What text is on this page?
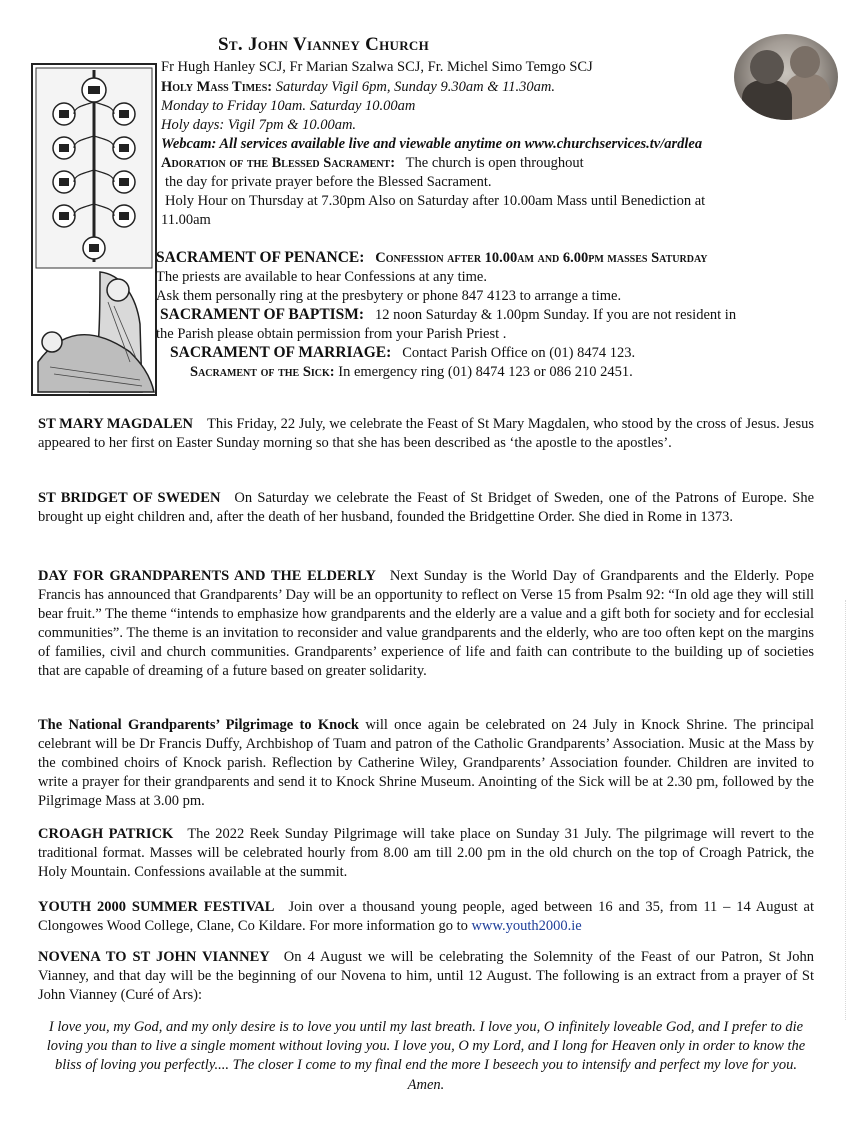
St. John Vianney Church
Fr Hugh Hanley SCJ, Fr Marian Szalwa SCJ, Fr. Michel Simo Temgo SCJ
Holy Mass Times: Saturday Vigil 6pm, Sunday 9.30am & 11.30am.
Monday to Friday 10am. Saturday 10.00am
Holy days: Vigil 7pm & 10.00am.
Webcam: All services available live and viewable anytime on www.churchservices.tv/ardlea
Adoration of the Blessed Sacrament: The church is open throughout
the day for private prayer before the Blessed Sacrament.
Holy Hour on Thursday at 7.30pm Also on Saturday after 10.00am Mass until Benediction at
11.00am
SACRAMENT OF PENANCE: Confession after 10.00am and 6.00pm masses Saturday
The priests are available to hear Confessions at any time.
Ask them personally ring at the presbytery or phone 847 4123 to arrange a time.
SACRAMENT OF BAPTISM: 12 noon Saturday & 1.00pm Sunday. If you are not resident in
the Parish please obtain permission from your Parish Priest .
SACRAMENT OF MARRIAGE: Contact Parish Office on (01) 8474 123.
Sacrament of the Sick: In emergency ring (01) 8474 123 or 086 210 2451.
ST MARY MAGDALEN This Friday, 22 July, we celebrate the Feast of St Mary Magdalen, who stood by the cross of Jesus. Jesus appeared to her first on Easter Sunday morning so that she has been described as ‘the apostle to the apostles’.
ST BRIDGET OF SWEDEN On Saturday we celebrate the Feast of St Bridget of Sweden, one of the Patrons of Europe. She brought up eight children and, after the death of her husband, founded the Bridgettine Order. She died in Rome in 1373.
DAY FOR GRANDPARENTS AND THE ELDERLY Next Sunday is the World Day of Grandparents and the Elderly. Pope Francis has announced that Grandparents’ Day will be an opportunity to reflect on Verse 15 from Psalm 92: “In old age they will still bear fruit.” The theme “intends to emphasize how grandparents and the elderly are a value and a gift both for society and for ecclesial communities”. The theme is an invitation to reconsider and value grandparents and the elderly, who are too often kept on the margins of families, civil and church communities. Grandparents’ experience of life and faith can contribute to the building up of societies that are capable of dreaming of a future based on greater solidarity.
The National Grandparents’ Pilgrimage to Knock will once again be celebrated on 24 July in Knock Shrine. The principal celebrant will be Dr Francis Duffy, Archbishop of Tuam and patron of the Catholic Grandparents’ Association. Music at the Mass by the combined choirs of Knock parish. Reflection by Catherine Wiley, Grandparents’ Association founder. Children are invited to write a prayer for their grandparents and send it to Knock Shrine Museum. Anointing of the Sick will be at 2.30 pm, followed by the Pilgrimage Mass at 3.00 pm.
CROAGH PATRICK The 2022 Reek Sunday Pilgrimage will take place on Sunday 31 July. The pilgrimage will revert to the traditional format. Masses will be celebrated hourly from 8.00 am till 2.00 pm in the old church on the top of Croagh Patrick, the Holy Mountain. Confessions available at the summit.
YOUTH 2000 SUMMER FESTIVAL Join over a thousand young people, aged between 16 and 35, from 11 – 14 August at Clongowes Wood College, Clane, Co Kildare. For more information go to www.youth2000.ie
NOVENA TO ST JOHN VIANNEY On 4 August we will be celebrating the Solemnity of the Feast of our Patron, St John Vianney, and that day will be the beginning of our Novena to him, until 12 August. The following is an extract from a prayer of St John Vianney (Curé of Ars):
I love you, my God, and my only desire is to love you until my last breath. I love you, O infinitely loveable God, and I prefer to die loving you than to live a single moment without loving you. I love you, O my Lord, and I long for Heaven only in order to know the bliss of loving you perfectly.... The closer I come to my final end the more I beseech you to intensify and perfect my love for you. Amen.
